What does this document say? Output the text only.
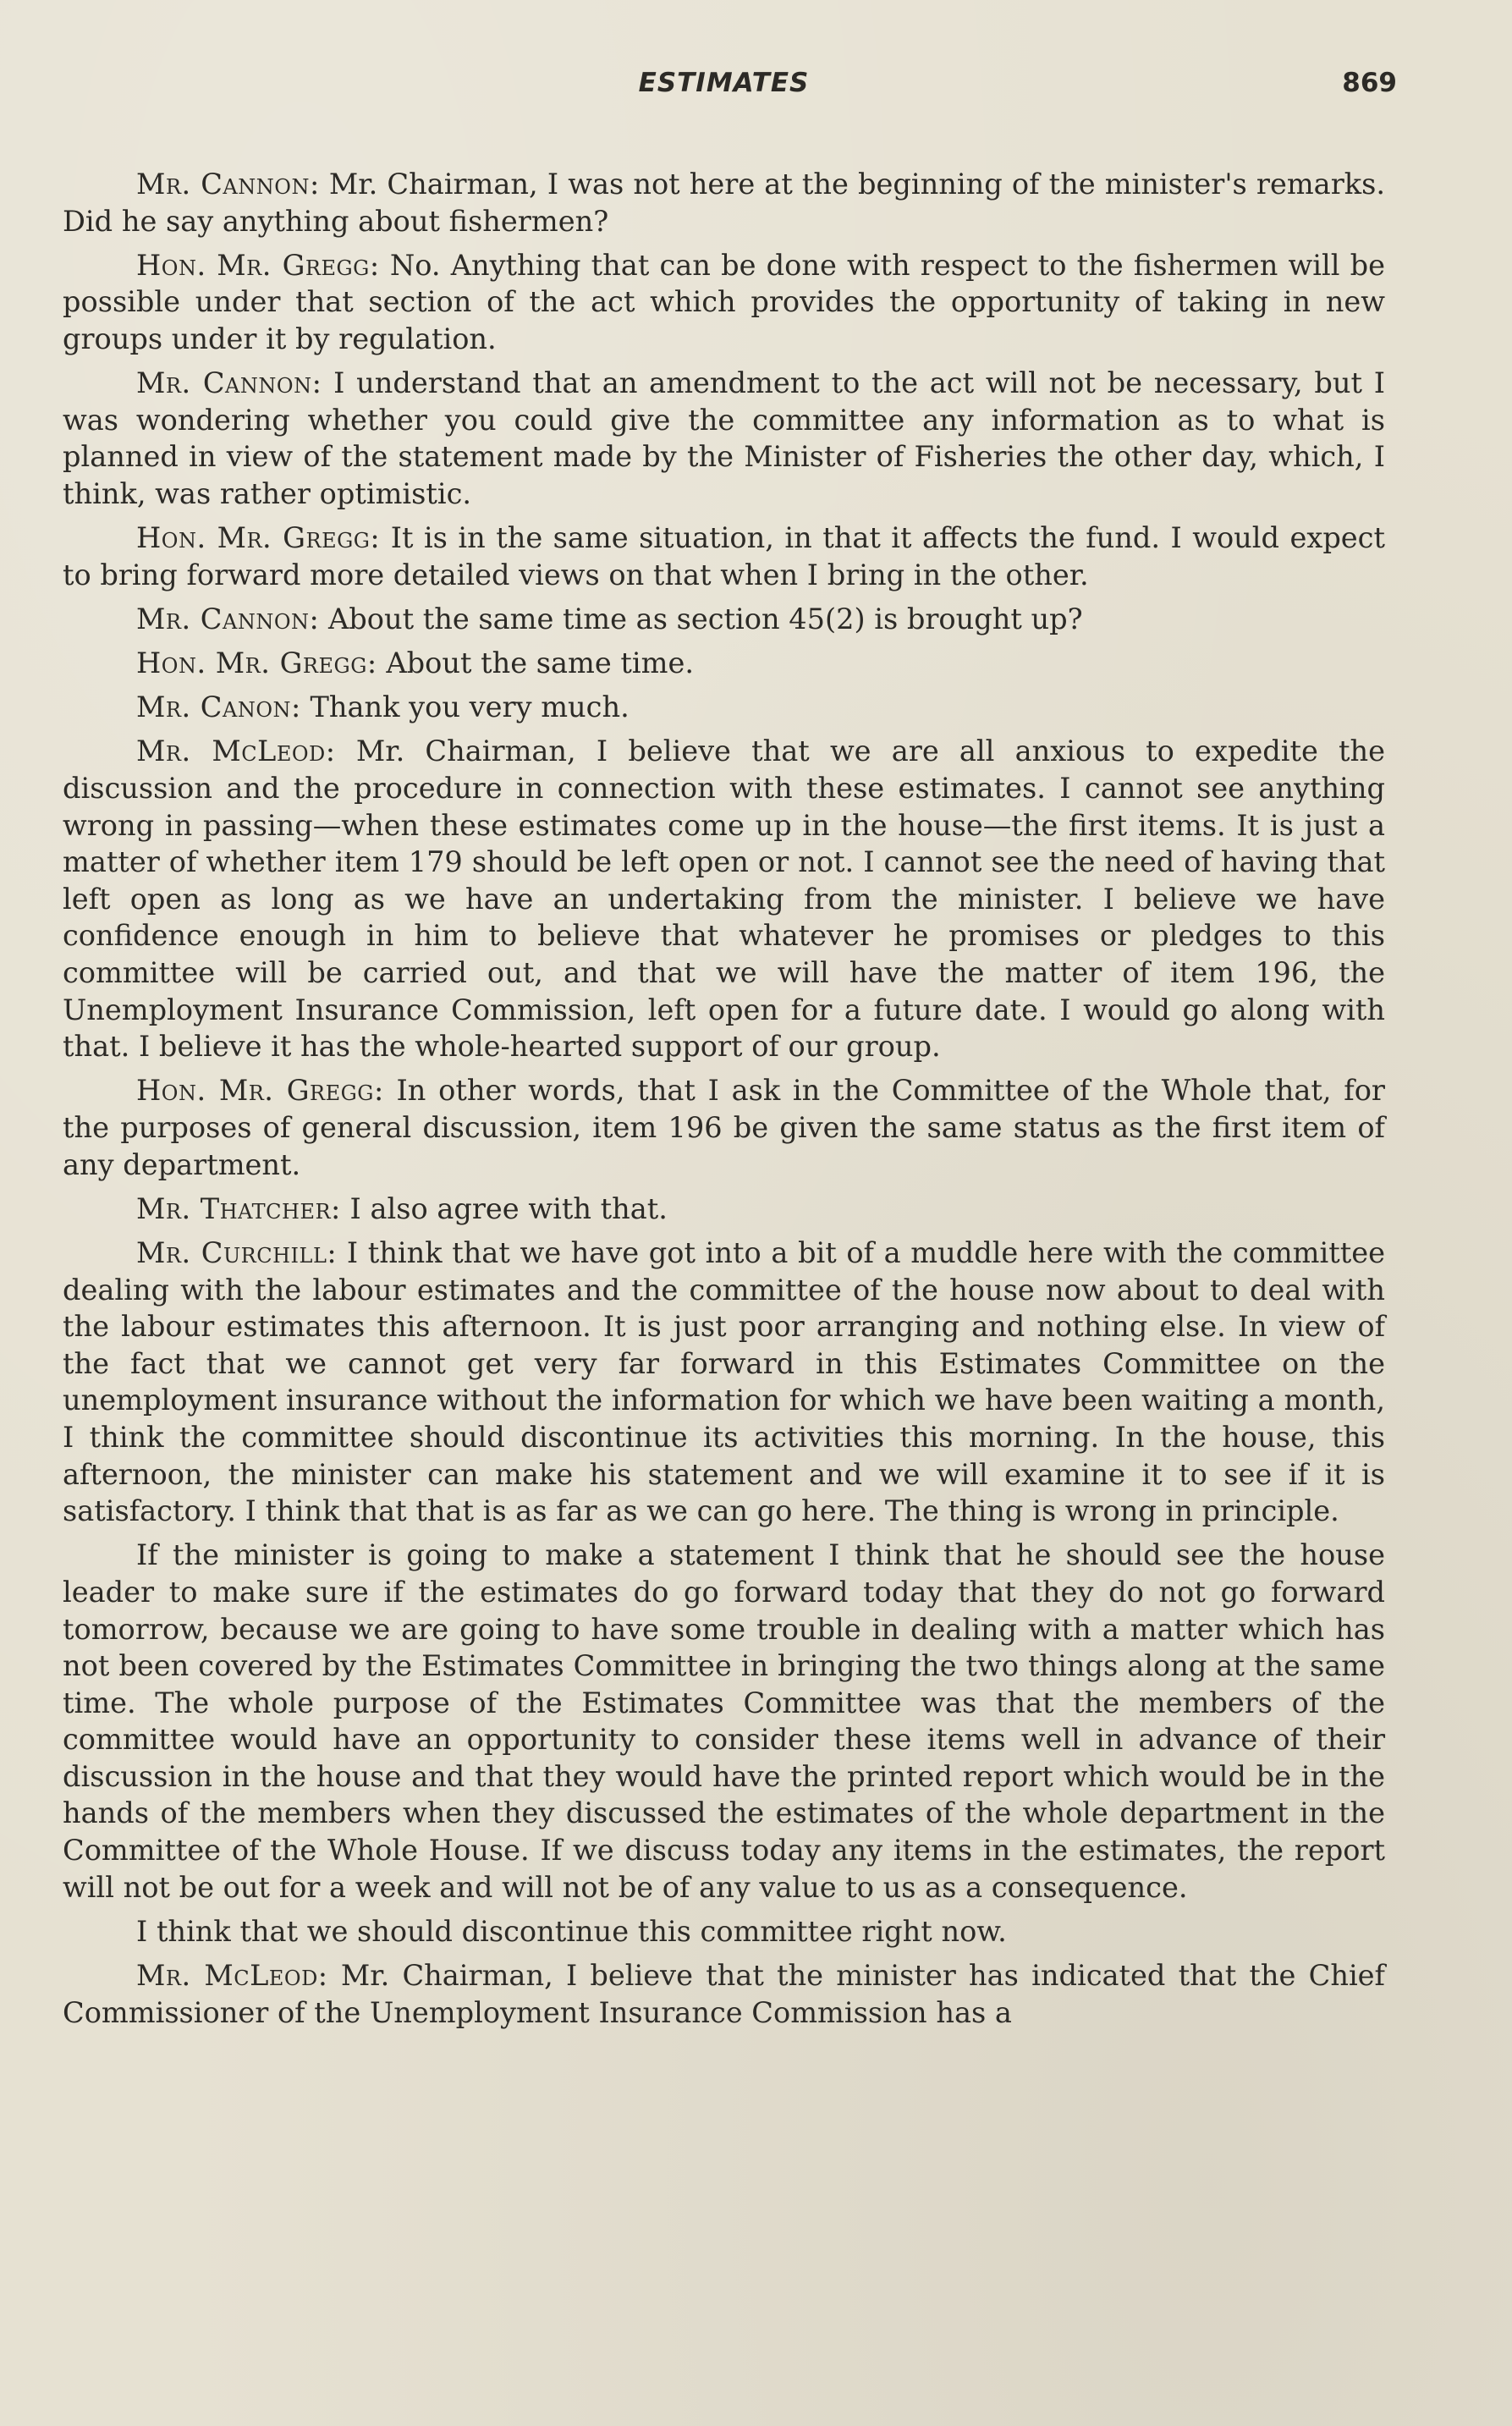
ESTIMATES	869

Mr. Cannon: Mr. Chairman, I was not here at the beginning of the minister's remarks. Did he say anything about fishermen?

Hon. Mr. Gregg: No. Anything that can be done with respect to the fishermen will be possible under that section of the act which provides the opportunity of taking in new groups under it by regulation.

Mr. Cannon: I understand that an amendment to the act will not be necessary, but I was wondering whether you could give the committee any information as to what is planned in view of the statement made by the Minister of Fisheries the other day, which, I think, was rather optimistic.

Hon. Mr. Gregg: It is in the same situation, in that it affects the fund. I would expect to bring forward more detailed views on that when I bring in the other.

Mr. Cannon: About the same time as section 45(2) is brought up?

Hon. Mr. Gregg: About the same time.

Mr. Canon: Thank you very much.

Mr. McLeod: Mr. Chairman, I believe that we are all anxious to expedite the discussion and the procedure in connection with these estimates. I cannot see anything wrong in passing—when these estimates come up in the house—the first items. It is just a matter of whether item 179 should be left open or not. I cannot see the need of having that left open as long as we have an undertaking from the minister. I believe we have confidence enough in him to believe that whatever he promises or pledges to this committee will be carried out, and that we will have the matter of item 196, the Unemployment Insurance Commission, left open for a future date. I would go along with that. I believe it has the whole-hearted support of our group.

Hon. Mr. Gregg: In other words, that I ask in the Committee of the Whole that, for the purposes of general discussion, item 196 be given the same status as the first item of any department.

Mr. Thatcher: I also agree with that.

Mr. Curchill: I think that we have got into a bit of a muddle here with the committee dealing with the labour estimates and the committee of the house now about to deal with the labour estimates this afternoon. It is just poor arranging and nothing else. In view of the fact that we cannot get very far forward in this Estimates Committee on the unemployment insurance without the information for which we have been waiting a month, I think the committee should discontinue its activities this morning. In the house, this afternoon, the minister can make his statement and we will examine it to see if it is satisfactory. I think that that is as far as we can go here. The thing is wrong in principle.

If the minister is going to make a statement I think that he should see the house leader to make sure if the estimates do go forward today that they do not go forward tomorrow, because we are going to have some trouble in dealing with a matter which has not been covered by the Estimates Committee in bringing the two things along at the same time. The whole purpose of the Estimates Committee was that the members of the committee would have an opportunity to consider these items well in advance of their discussion in the house and that they would have the printed report which would be in the hands of the members when they discussed the estimates of the whole department in the Committee of the Whole House. If we discuss today any items in the estimates, the report will not be out for a week and will not be of any value to us as a consequence.

I think that we should discontinue this committee right now.

Mr. McLeod: Mr. Chairman, I believe that the minister has indicated that the Chief Commissioner of the Unemployment Insurance Commission has a
